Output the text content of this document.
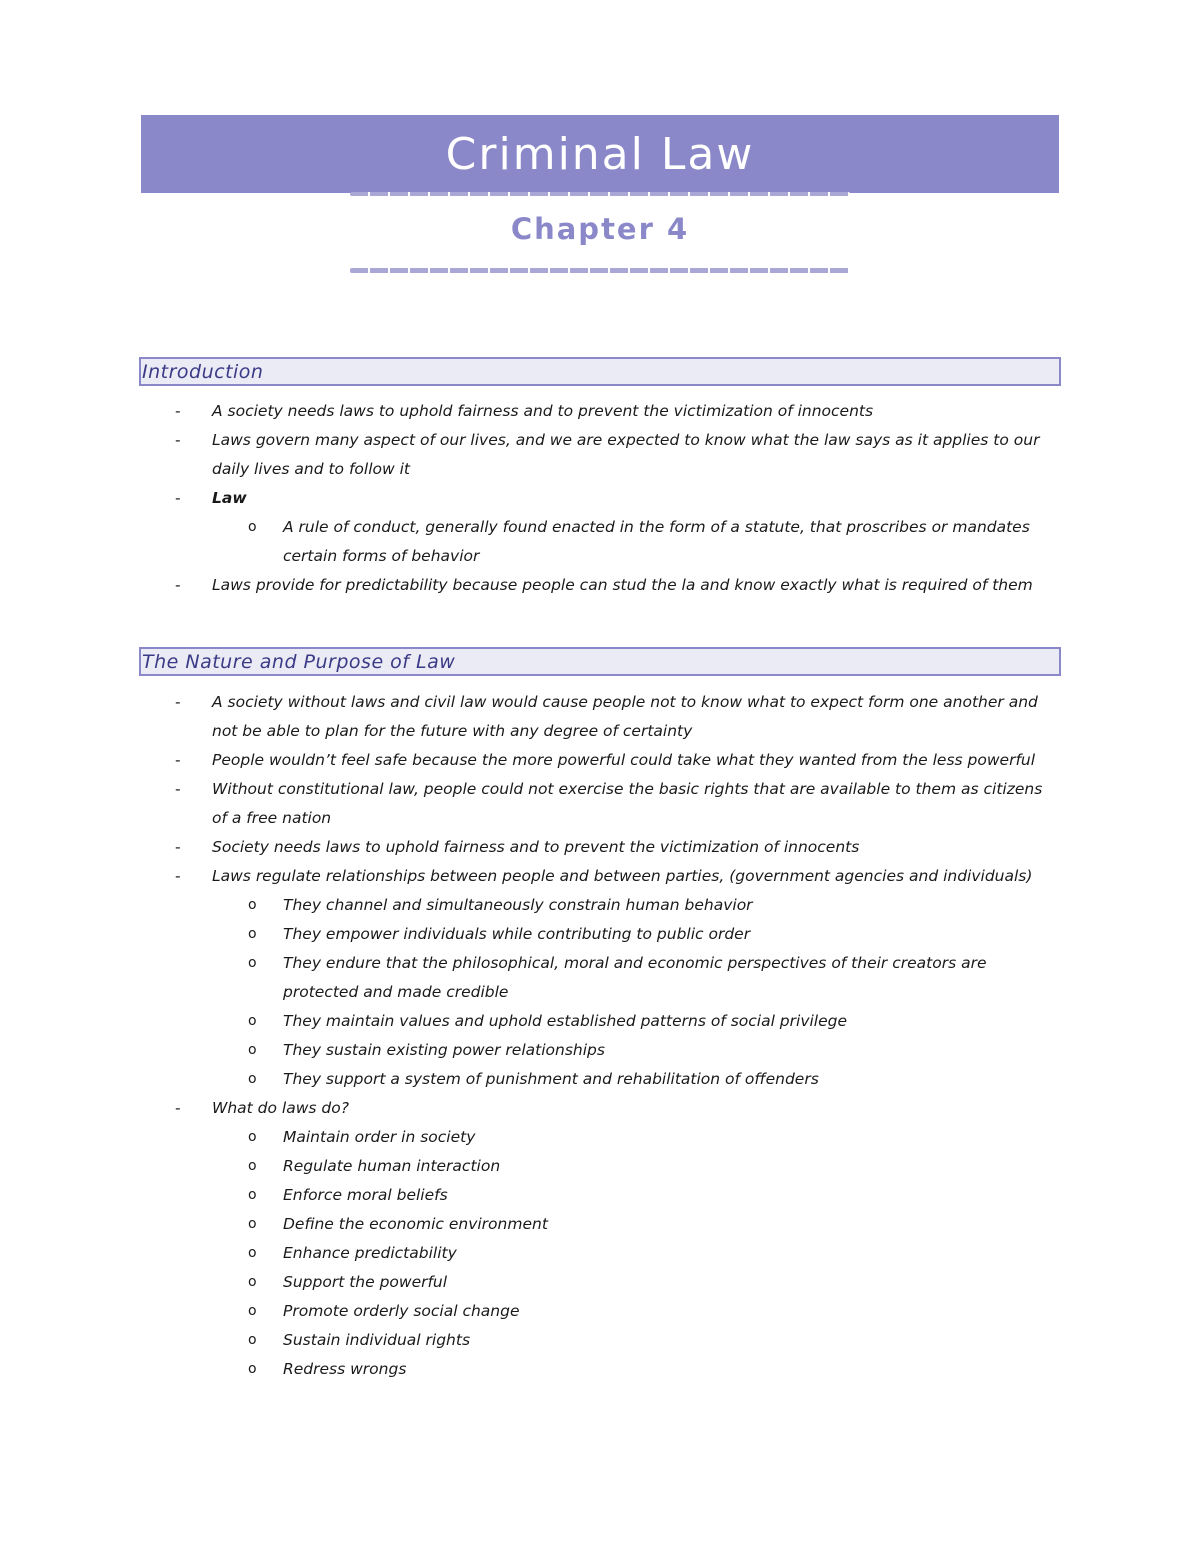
Criminal Law
Chapter 4
Introduction
- A society needs laws to uphold fairness and to prevent the victimization of innocents
- Laws govern many aspect of our lives, and we are expected to know what the law says as it applies to our daily lives and to follow it
- Law
o A rule of conduct, generally found enacted in the form of a statute, that proscribes or mandates certain forms of behavior
- Laws provide for predictability because people can stud the la and know exactly what is required of them
The Nature and Purpose of Law
- A society without laws and civil law would cause people not to know what to expect form one another and not be able to plan for the future with any degree of certainty
- People wouldn’t feel safe because the more powerful could take what they wanted from the less powerful
- Without constitutional law, people could not exercise the basic rights that are available to them as citizens of a free nation
- Society needs laws to uphold fairness and to prevent the victimization of innocents
- Laws regulate relationships between people and between parties, (government agencies and individuals)
o They channel and simultaneously constrain human behavior
o They empower individuals while contributing to public order
o They endure that the philosophical, moral and economic perspectives of their creators are protected and made credible
o They maintain values and uphold established patterns of social privilege
o They sustain existing power relationships
o They support a system of punishment and rehabilitation of offenders
- What do laws do?
o Maintain order in society
o Regulate human interaction
o Enforce moral beliefs
o Define the economic environment
o Enhance predictability
o Support the powerful
o Promote orderly social change
o Sustain individual rights
o Redress wrongs
